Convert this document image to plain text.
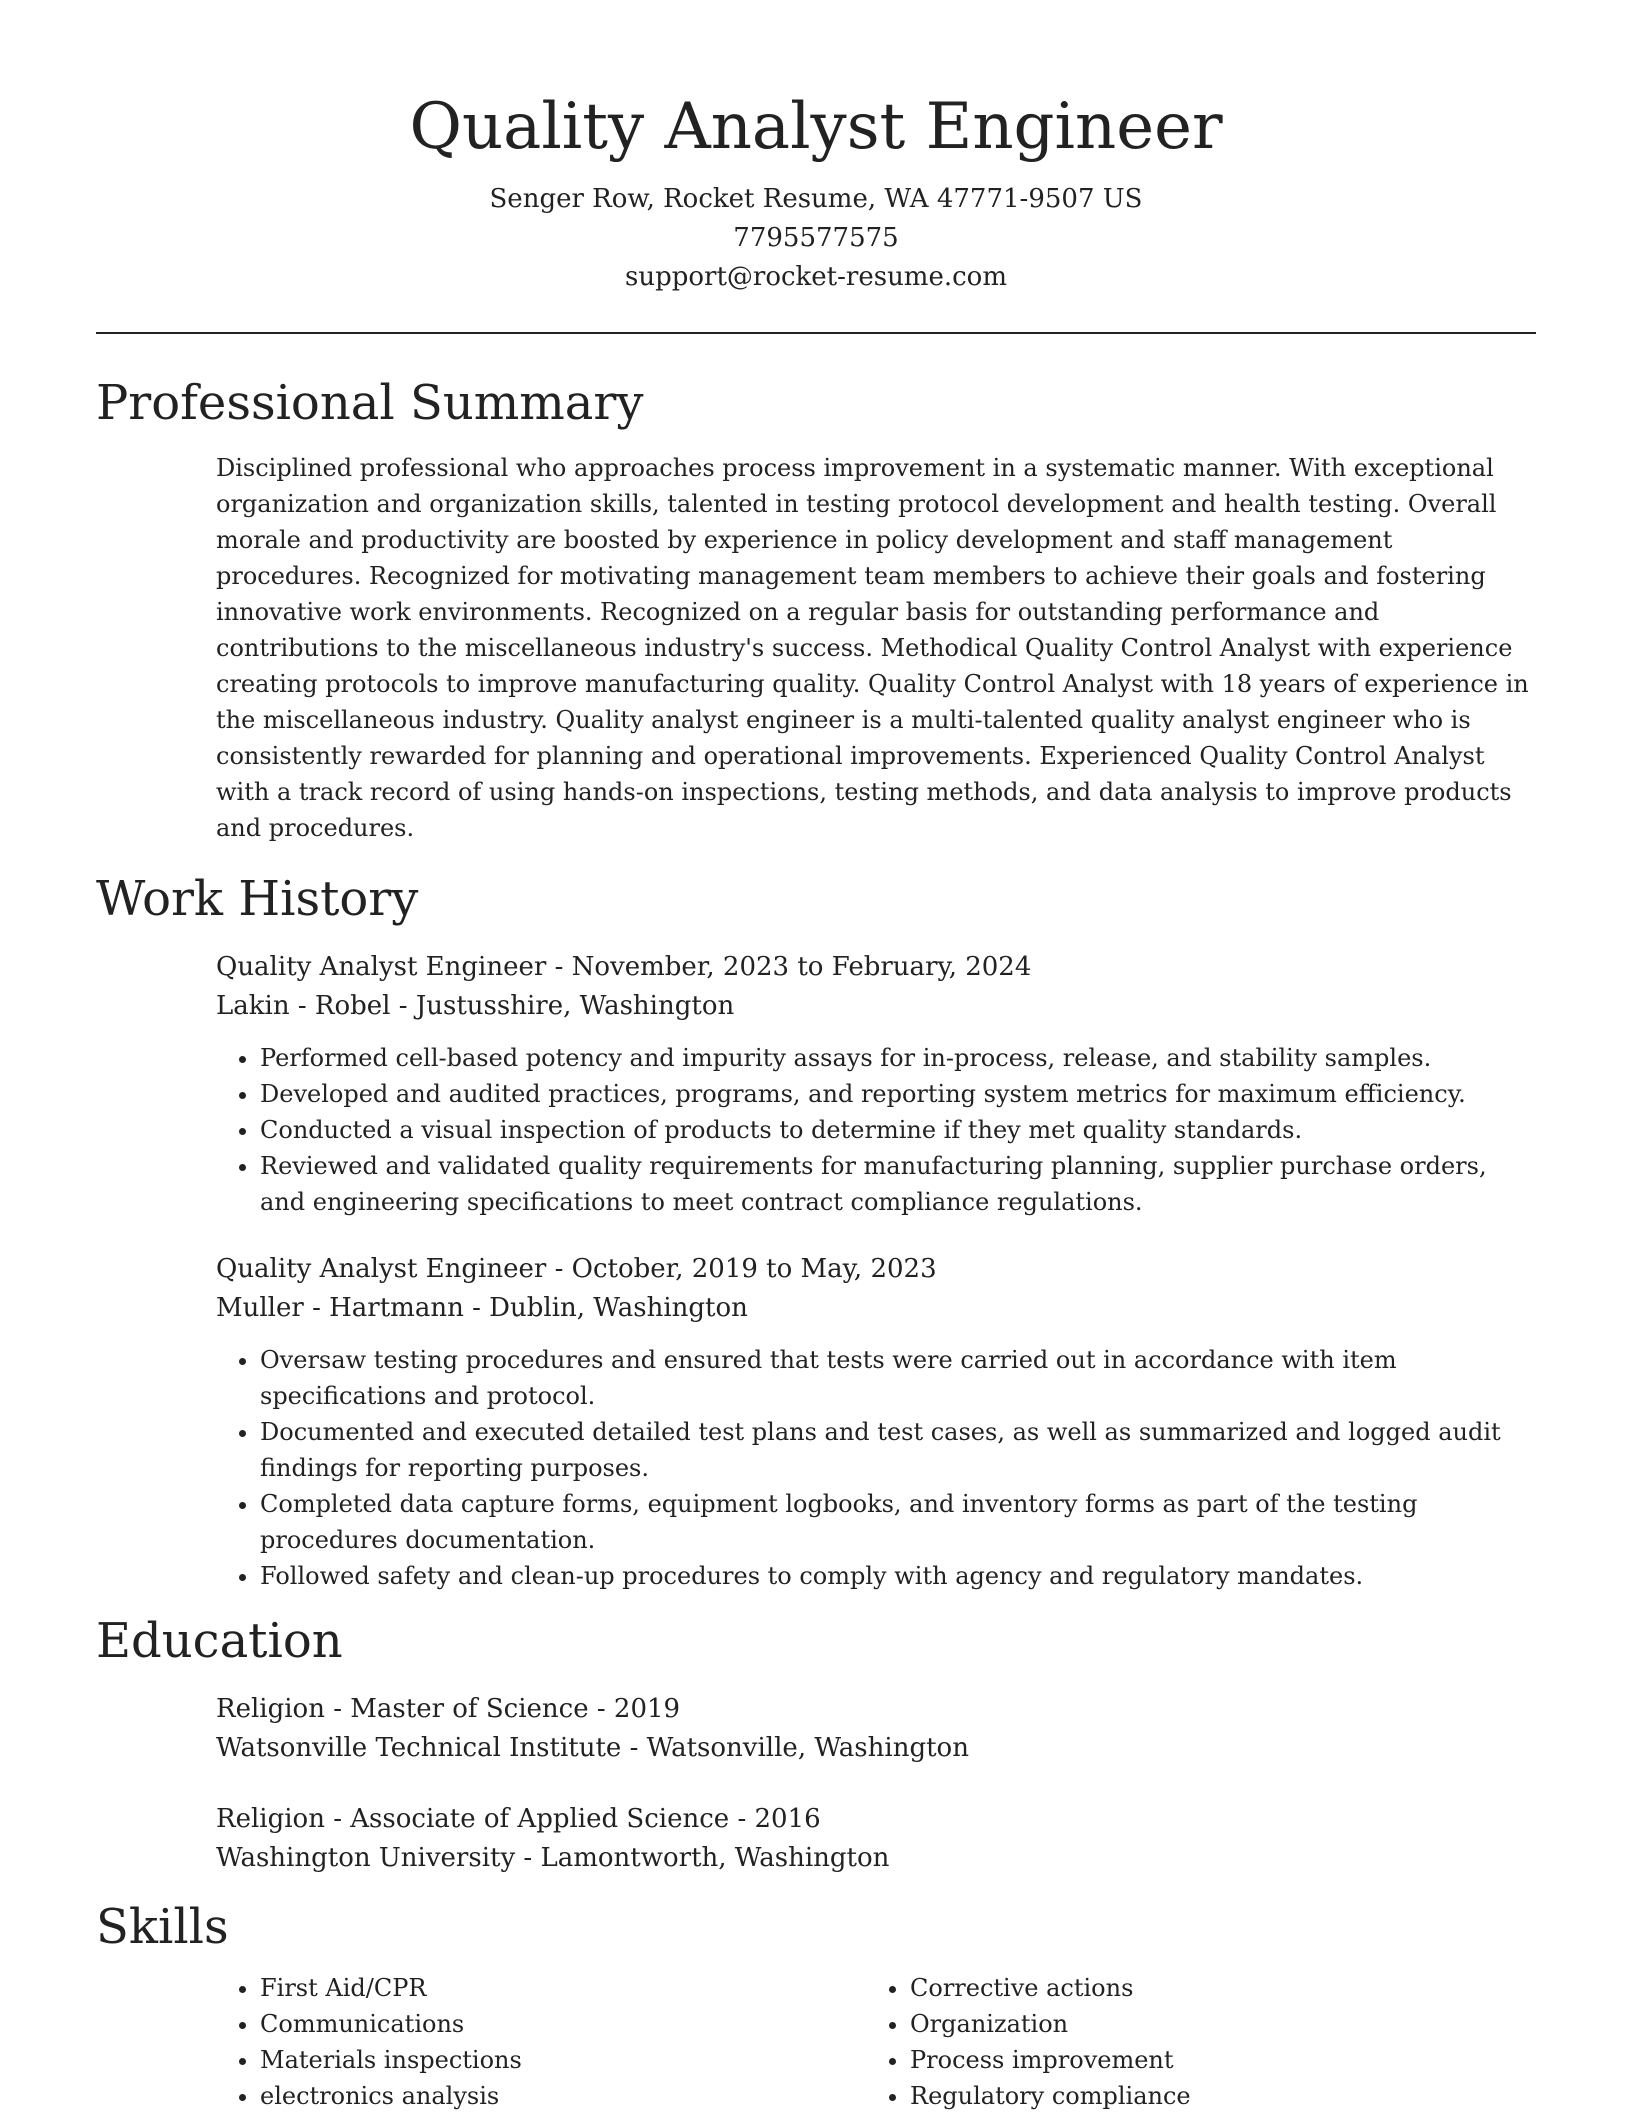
Quality Analyst Engineer

Senger Row, Rocket Resume, WA 47771-9507 US

7795577575

support@rocket-resume.com

Professional Summary

Disciplined professional who approaches process improvement in a systematic manner. With exceptional organization and organization skills, talented in testing protocol development and health testing. Overall morale and productivity are boosted by experience in policy development and staff management procedures. Recognized for motivating management team members to achieve their goals and fostering innovative work environments. Recognized on a regular basis for outstanding performance and contributions to the miscellaneous industry's success. Methodical Quality Control Analyst with experience creating protocols to improve manufacturing quality. Quality Control Analyst with 18 years of experience in the miscellaneous industry. Quality analyst engineer is a multi-talented quality analyst engineer who is consistently rewarded for planning and operational improvements. Experienced Quality Control Analyst with a track record of using hands-on inspections, testing methods, and data analysis to improve products and procedures.

Work History

Quality Analyst Engineer - November, 2023 to February, 2024

Lakin - Robel - Justusshire, Washington

• Performed cell-based potency and impurity assays for in-process, release, and stability samples.
• Developed and audited practices, programs, and reporting system metrics for maximum efficiency.
• Conducted a visual inspection of products to determine if they met quality standards.
• Reviewed and validated quality requirements for manufacturing planning, supplier purchase orders, and engineering specifications to meet contract compliance regulations.

Quality Analyst Engineer - October, 2019 to May, 2023

Muller - Hartmann - Dublin, Washington

• Oversaw testing procedures and ensured that tests were carried out in accordance with item specifications and protocol.
• Documented and executed detailed test plans and test cases, as well as summarized and logged audit findings for reporting purposes.
• Completed data capture forms, equipment logbooks, and inventory forms as part of the testing procedures documentation.
• Followed safety and clean-up procedures to comply with agency and regulatory mandates.
Education

Religion - Master of Science - 2019

Watsonville Technical Institute - Watsonville, Washington

Religion - Associate of Applied Science - 2016

Washington University - Lamontworth, Washington

Skills
• First Aid/CPR
• Communications
• Materials inspections
• electronics analysis
• Corrective actions
• Organization
• Process improvement
• Regulatory compliance
